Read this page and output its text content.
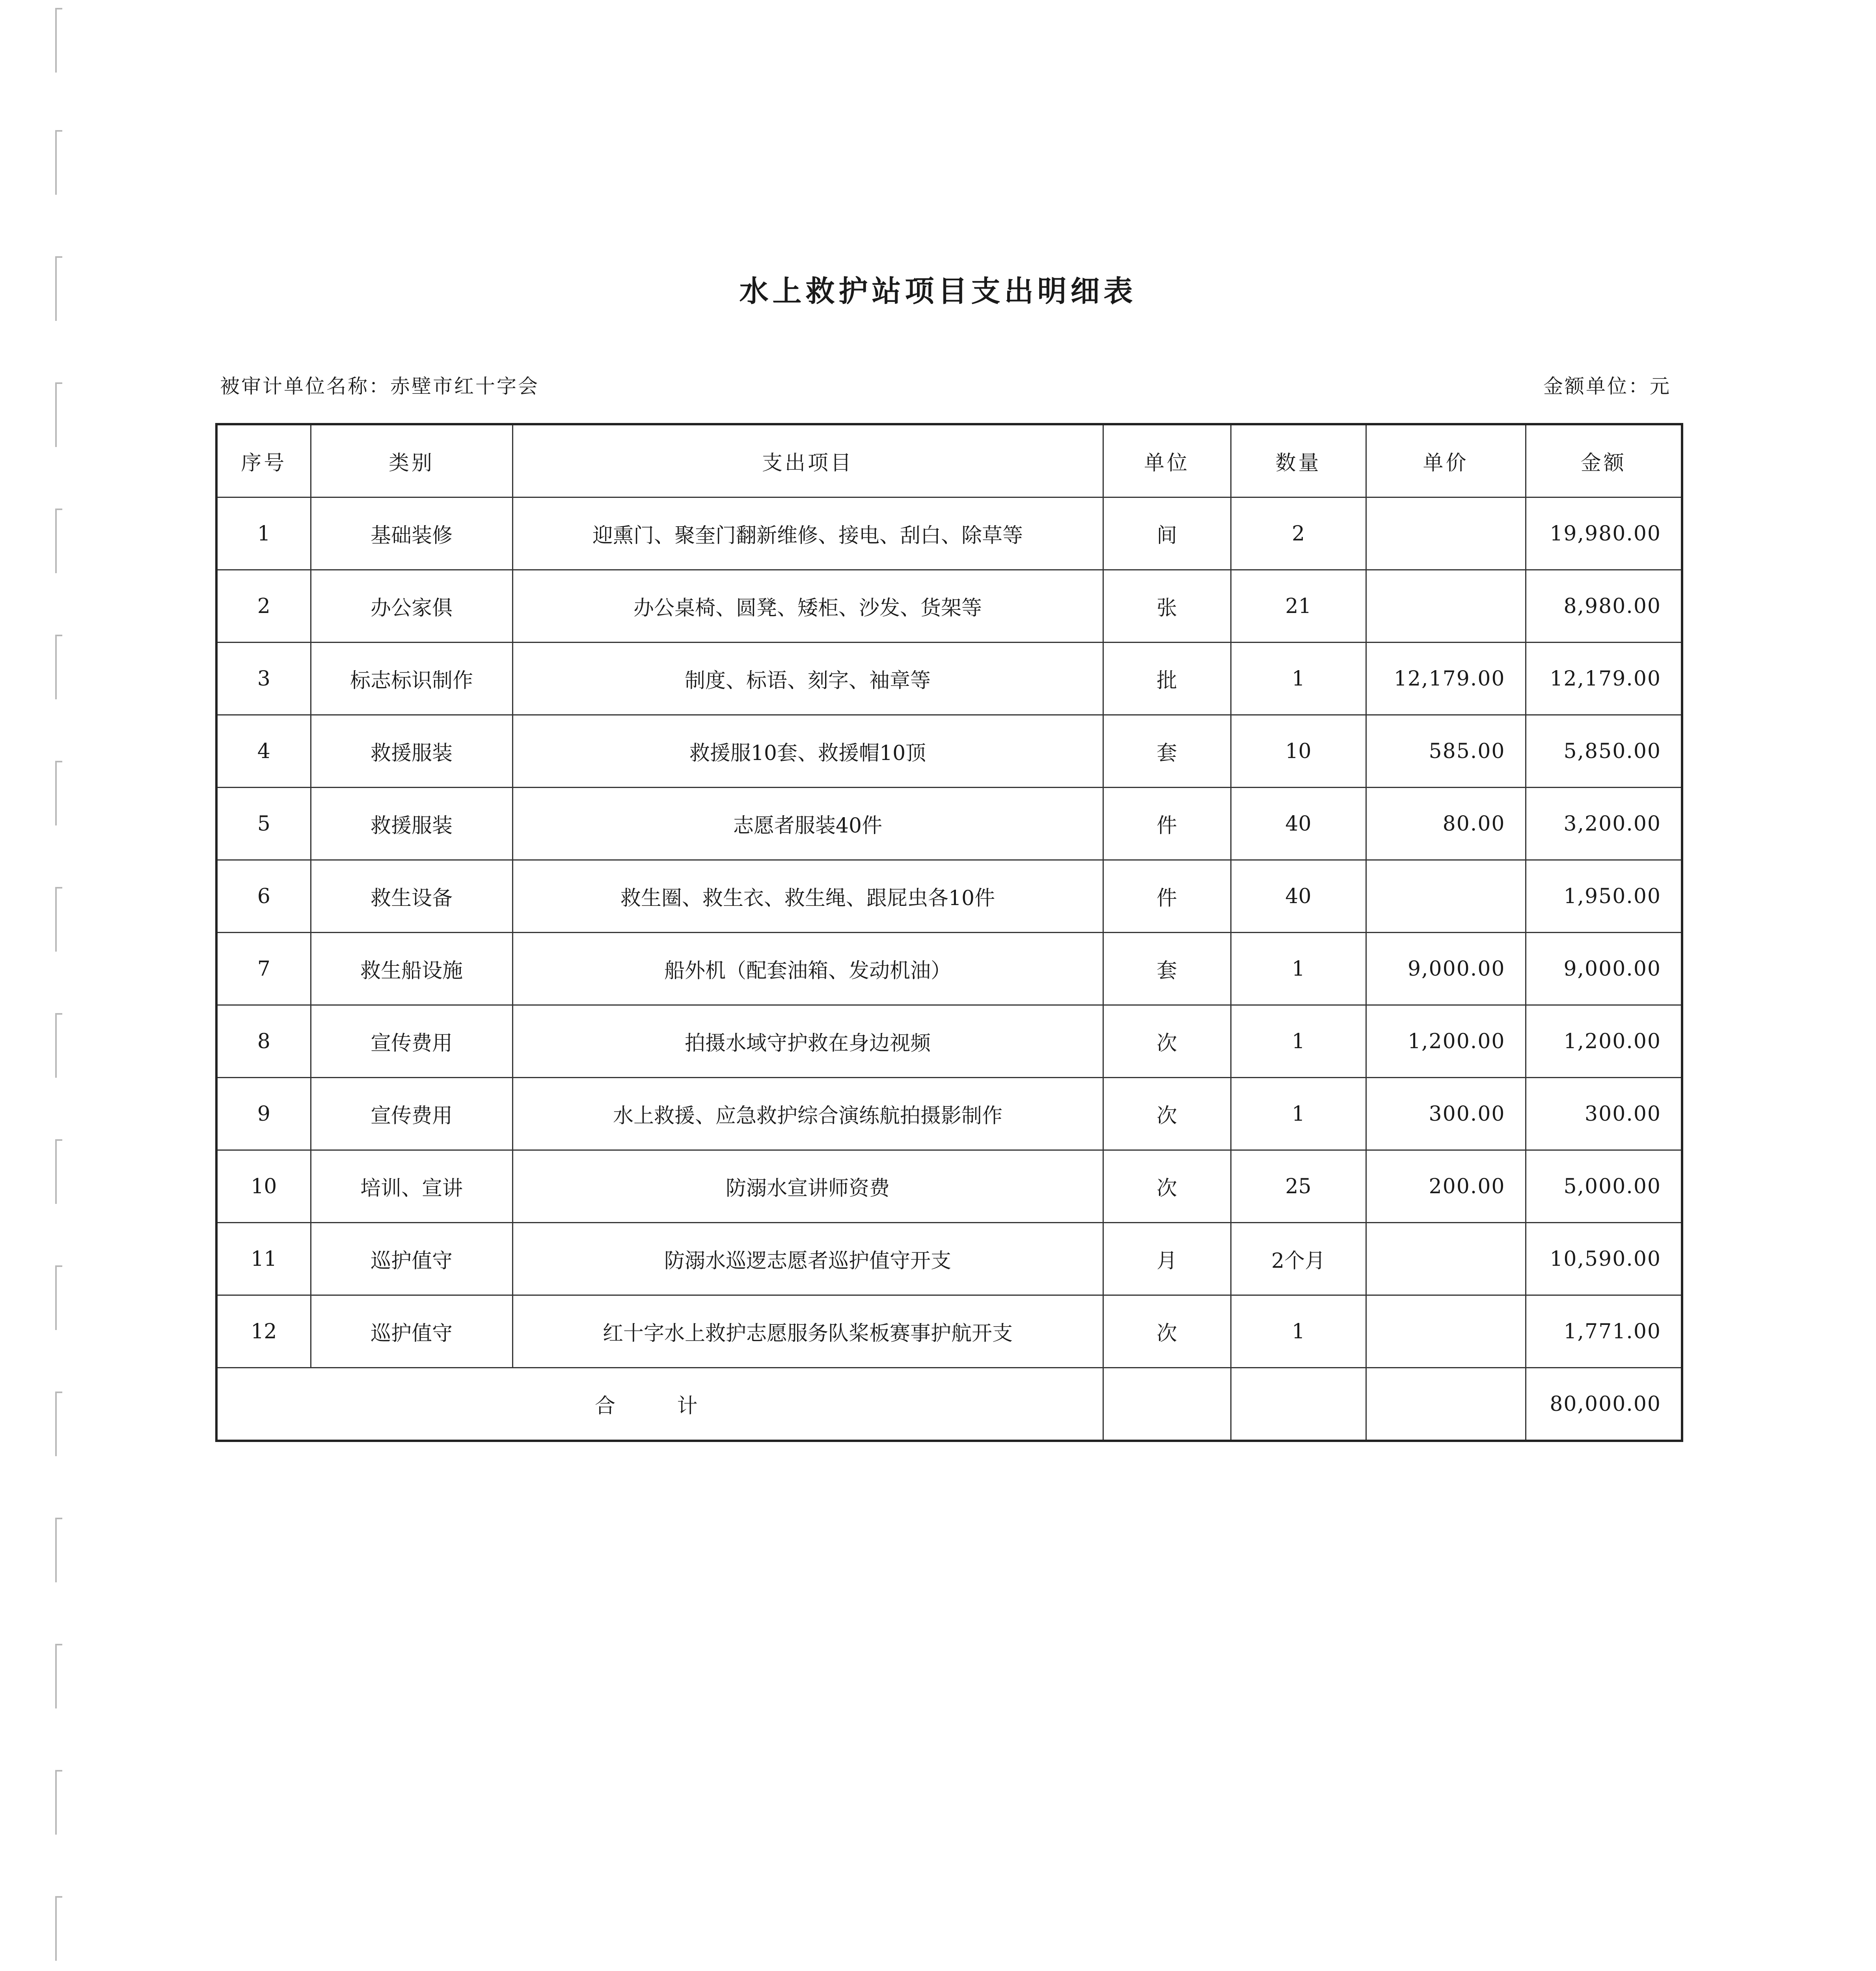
水上救护站项目支出明细表
被审计单位名称：赤壁市红十字会	金额单位：元
序号	类别	支出项目	单位	数量	单价	金额
1	基础装修	迎熏门、聚奎门翻新维修、接电、刮白、除草等	间	2		19,980.00
2	办公家俱	办公桌椅、圆凳、矮柜、沙发、货架等	张	21		8,980.00
3	标志标识制作	制度、标语、刻字、袖章等	批	1	12,179.00	12,179.00
4	救援服装	救援服10套、救援帽10顶	套	10	585.00	5,850.00
5	救援服装	志愿者服装40件	件	40	80.00	3,200.00
6	救生设备	救生圈、救生衣、救生绳、跟屁虫各10件	件	40		1,950.00
7	救生船设施	船外机（配套油箱、发动机油）	套	1	9,000.00	9,000.00
8	宣传费用	拍摄水域守护救在身边视频	次	1	1,200.00	1,200.00
9	宣传费用	水上救援、应急救护综合演练航拍摄影制作	次	1	300.00	300.00
10	培训、宣讲	防溺水宣讲师资费	次	25	200.00	5,000.00
11	巡护值守	防溺水巡逻志愿者巡护值守开支	月	2个月		10,590.00
12	巡护值守	红十字水上救护志愿服务队桨板赛事护航开支	次	1		1,771.00
合 计						80,000.00
